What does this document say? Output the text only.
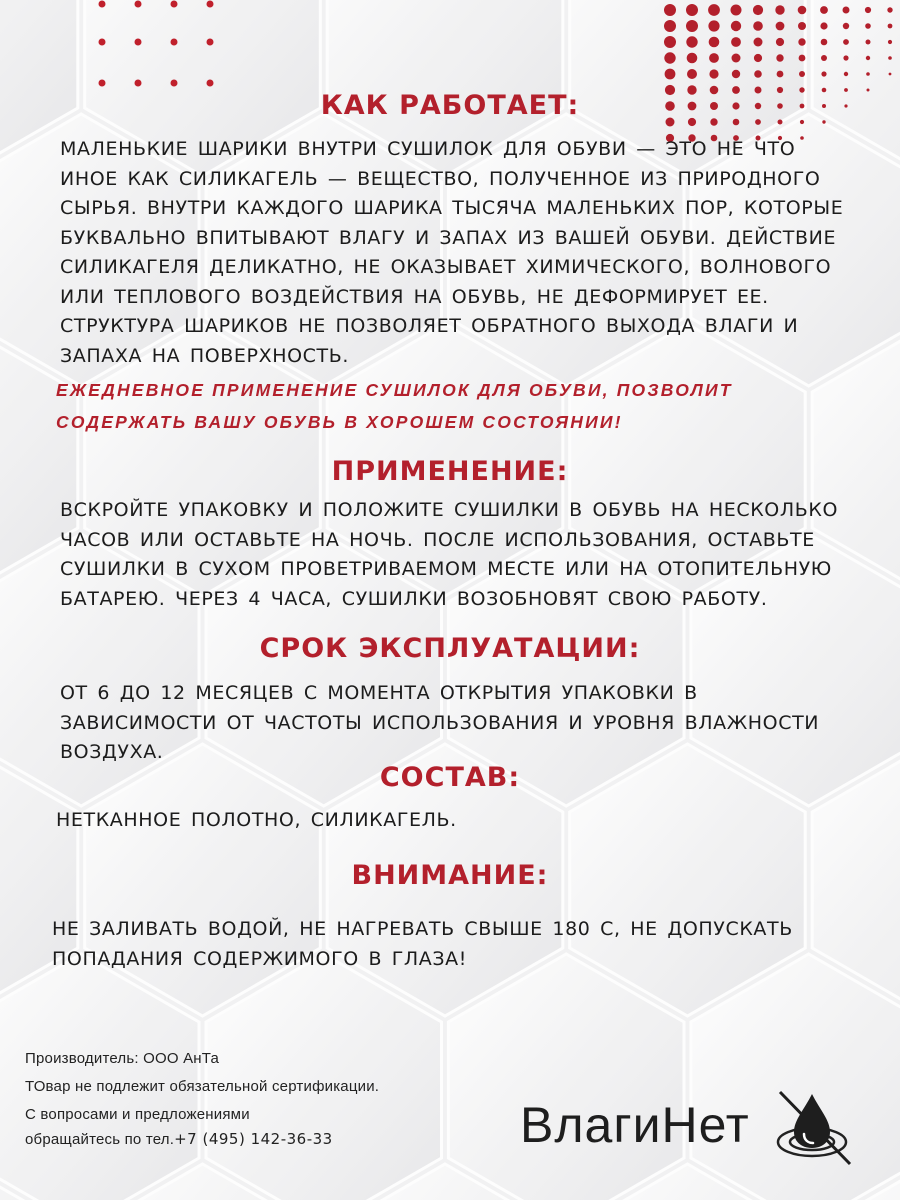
КАК РАБОТАЕТ:

МАЛЕНЬКИЕ ШАРИКИ ВНУТРИ СУШИЛОК ДЛЯ ОБУВИ — ЭТО НЕ ЧТО ИНОЕ КАК СИЛИКАГЕЛЬ — ВЕЩЕСТВО, ПОЛУЧЕННОЕ ИЗ ПРИРОДНОГО СЫРЬЯ. ВНУТРИ КАЖДОГО ШАРИКА ТЫСЯЧА МАЛЕНЬКИХ ПОР, КОТОРЫЕ БУКВАЛЬНО ВПИТЫВАЮТ ВЛАГУ И ЗАПАХ ИЗ ВАШЕЙ ОБУВИ. ДЕЙСТВИЕ СИЛИКАГЕЛЯ ДЕЛИКАТНО, НЕ ОКАЗЫВАЕТ ХИМИЧЕСКОГО, ВОЛНОВОГО ИЛИ ТЕПЛОВОГО ВОЗДЕЙСТВИЯ НА ОБУВЬ, НЕ ДЕФОРМИРУЕТ ЕЕ. СТРУКТУРА ШАРИКОВ НЕ ПОЗВОЛЯЕТ ОБРАТНОГО ВЫХОДА ВЛАГИ И ЗАПАХА НА ПОВЕРХНОСТЬ.

ЕЖЕДНЕВНОЕ ПРИМЕНЕНИЕ СУШИЛОК ДЛЯ ОБУВИ, ПОЗВОЛИТ СОДЕРЖАТЬ ВАШУ ОБУВЬ В ХОРОШЕМ СОСТОЯНИИ!

ПРИМЕНЕНИЕ:

ВСКРОЙТЕ УПАКОВКУ И ПОЛОЖИТЕ СУШИЛКИ В ОБУВЬ НА НЕСКОЛЬКО ЧАСОВ ИЛИ ОСТАВЬТЕ НА НОЧЬ. ПОСЛЕ ИСПОЛЬЗОВАНИЯ, ОСТАВЬТЕ СУШИЛКИ В СУХОМ ПРОВЕТРИВАЕМОМ МЕСТЕ ИЛИ НА ОТОПИТЕЛЬНУЮ БАТАРЕЮ. ЧЕРЕЗ 4 ЧАСА, СУШИЛКИ ВОЗОБНОВЯТ СВОЮ РАБОТУ.

СРОК ЭКСПЛУАТАЦИИ:

ОТ 6 ДО 12 МЕСЯЦЕВ С МОМЕНТА ОТКРЫТИЯ УПАКОВКИ В ЗАВИСИМОСТИ ОТ ЧАСТОТЫ ИСПОЛЬЗОВАНИЯ И УРОВНЯ ВЛАЖНОСТИ ВОЗДУХА.

СОСТАВ:

НЕТКАННОЕ ПОЛОТНО, СИЛИКАГЕЛЬ.

ВНИМАНИЕ:

НЕ ЗАЛИВАТЬ ВОДОЙ, НЕ НАГРЕВАТЬ СВЫШЕ 180 С, НЕ ДОПУСКАТЬ ПОПАДАНИЯ СОДЕРЖИМОГО В ГЛАЗА!

Производитель: ООО АнТа
ТОвар не подлежит обязательной сертификации.
С вопросами и предложениями
обращайтесь по тел.+7 (495) 142-36-33	ВлагиНет
